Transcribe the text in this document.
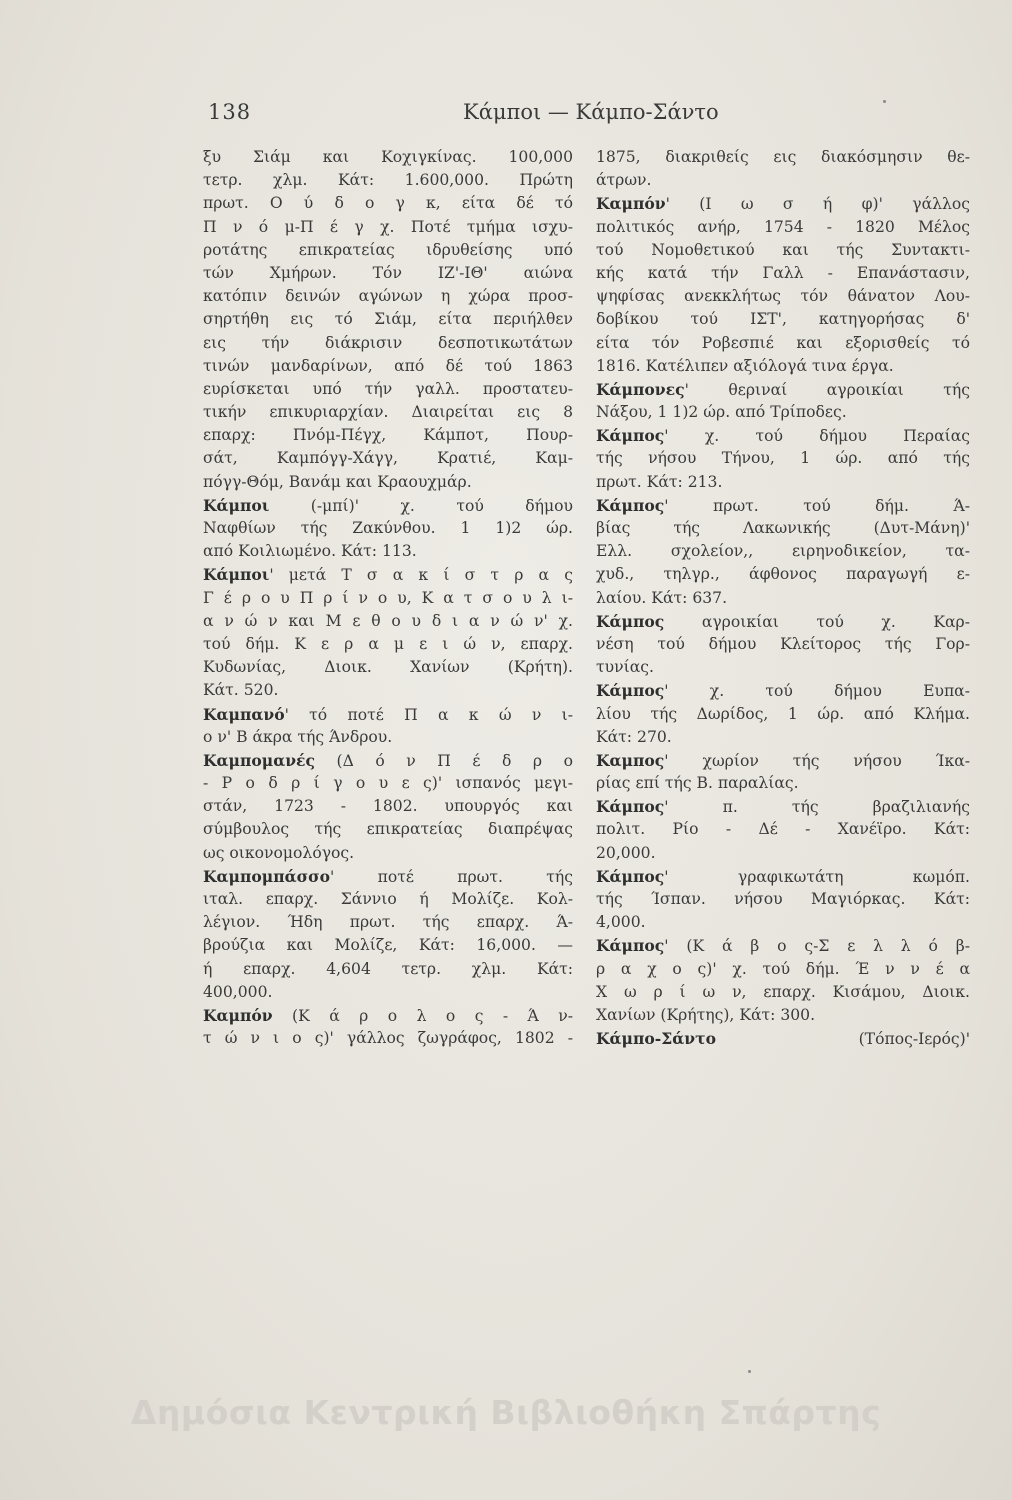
138	Κάμποι — Κάμπο-Σάντο
ξυ Σιάμ και Κοχιγκίνας. 100,000
τετρ. χλμ. Κάτ: 1.600,000. Πρώτη
πρωτ. Ο ύ δ ο γ κ, είτα δέ τό
Π ν ό μ-Π έ γ χ. Ποτέ τμήμα ισχυ-
ροτάτης επικρατείας ιδρυθείσης υπό
τών Χμήρων. Τόν ΙΖ'-ΙΘ' αιώνα
κατόπιν δεινών αγώνων η χώρα προσ-
σηρτήθη εις τό Σιάμ, είτα περιήλθεν
εις τήν διάκρισιν δεσποτικωτάτων
τινών μανδαρίνων, από δέ τού 1863
ευρίσκεται υπό τήν γαλλ. προστατευ-
τικήν επικυριαρχίαν. Διαιρείται εις 8
επαρχ: Πνόμ-Πέγχ, Κάμποτ, Πουρ-
σάτ, Καμπόγγ-Χάγγ, Κρατιέ, Καμ-
πόγγ-Θόμ, Βανάμ και Κραουχμάρ.
Κάμποι (-μπί)' χ. τού δήμου
Ναφθίων τής Ζακύνθου. 1 1)2 ώρ.
από Κοιλιωμένο. Κάτ: 113.
Κάμποι' μετά Τ σ α κ ί σ τ ρ α ς
Γ έ ρ ο υ Π ρ ί ν ο υ, Κ α τ σ ο υ λ ι-
α ν ώ ν και Μ ε θ ο υ δ ι α ν ώ ν' χ.
τού δήμ. Κ ε ρ α μ ε ι ώ ν, επαρχ.
Κυδωνίας, Διοικ. Χανίων (Κρήτη).
Κάτ. 520.
Καμπανό' τό ποτέ Π α κ ώ ν ι-
ο ν' Β άκρα τής Άνδρου.
Καμπομανές (Δ ό ν Π έ δ ρ ο
- Ρ ο δ ρ ί γ ο υ ε ς)' ισπανός μεγι-
στάν, 1723 - 1802. υπουργός και
σύμβουλος τής επικρατείας διαπρέψας
ως οικονομολόγος.
Καμπομπάσσο' ποτέ πρωτ. τής
ιταλ. επαρχ. Σάννιο ή Μολίζε. Κολ-
λέγιον. Ήδη πρωτ. τής επαρχ. Ά-
βρούζια και Μολίζε, Κάτ: 16,000. —
ή επαρχ. 4,604 τετρ. χλμ. Κάτ:
400,000.
Καμπόν (Κ ά ρ ο λ ο ς - Ά ν-
τ ώ ν ι ο ς)' γάλλος ζωγράφος, 1802 -
1875, διακριθείς εις διακόσμησιν θε-
άτρων.
Καμπόν' (Ι ω σ ή φ)' γάλλος
πολιτικός ανήρ, 1754 - 1820 Μέλος
τού Νομοθετικού και τής Συντακτι-
κής κατά τήν Γαλλ - Επανάστασιν,
ψηφίσας ανεκκλήτως τόν θάνατον Λου-
δοβίκου τού ΙΣΤ', κατηγορήσας δ'
είτα τόν Ροβεσπιέ και εξορισθείς τό
1816. Κατέλιπεν αξιόλογά τινα έργα.
Κάμπονες' θεριναί αγροικίαι τής
Νάξου, 1 1)2 ώρ. από Τρίποδες.
Κάμπος' χ. τού δήμου Περαίας
τής νήσου Τήνου, 1 ώρ. από τής
πρωτ. Κάτ: 213.
Κάμπος' πρωτ. τού δήμ. Ά-
βίας τής Λακωνικής (Δυτ-Μάνη)'
Ελλ. σχολείον,, ειρηνοδικείον, τα-
χυδ., τηλγρ., άφθονος παραγωγή ε-
λαίου. Κάτ: 637.
Κάμπος αγροικίαι τού χ. Καρ-
νέση τού δήμου Κλείτορος τής Γορ-
τυνίας.
Κάμπος' χ. τού δήμου Ευπα-
λίου τής Δωρίδος, 1 ώρ. από Κλήμα.
Κάτ: 270.
Καμπος' χωρίον τής νήσου Ίκα-
ρίας επί τής Β. παραλίας.
Κάμπος' π. τής βραζιλιανής
πολιτ. Ρίο - Δέ - Χανέϊρο. Κάτ:
20,000.
Κάμπος' γραφικωτάτη κωμόπ.
τής Ίσπαν. νήσου Μαγιόρκας. Κάτ:
4,000.
Κάμπος' (Κ ά β ο ς-Σ ε λ λ ό β-
ρ α χ ο ς)' χ. τού δήμ. Έ ν ν έ α
Χ ω ρ ί ω ν, επαρχ. Κισάμου, Διοικ.
Χανίων (Κρήτης), Κάτ: 300.
Κάμπο-Σάντο (Τόπος-Ιερός)'
Δημόσια Κεντρική Βιβλιοθήκη Σπάρτης
